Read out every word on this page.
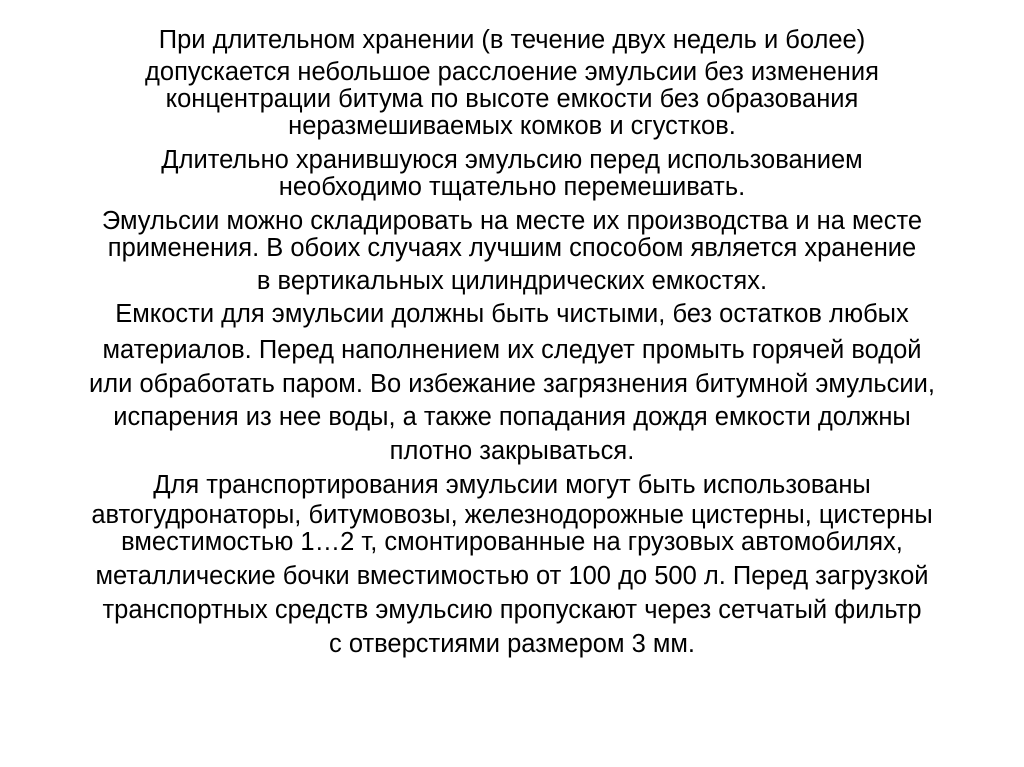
При длительном хранении (в течение двух недель и более)
допускается небольшое расслоение эмульсии без изменения
концентрации битума по высоте емкости без образования
неразмешиваемых комков и сгустков.
Длительно хранившуюся эмульсию перед использованием
необходимо тщательно перемешивать.
Эмульсии можно складировать на месте их производства и на месте
применения. В обоих случаях лучшим способом является хранение
в вертикальных цилиндрических емкостях.
Емкости для эмульсии должны быть чистыми, без остатков любых
материалов. Перед наполнением их следует промыть горячей водой
или обработать паром. Во избежание загрязнения битумной эмульсии,
испарения из нее воды, а также попадания дождя емкости должны
плотно закрываться.
Для транспортирования эмульсии могут быть использованы
автогудронаторы, битумовозы, железнодорожные цистерны, цистерны
вместимостью 1…2 т, смонтированные на грузовых автомобилях,
металлические бочки вместимостью от 100 до 500 л. Перед загрузкой
транспортных средств эмульсию пропускают через сетчатый фильтр
с отверстиями размером 3 мм.
